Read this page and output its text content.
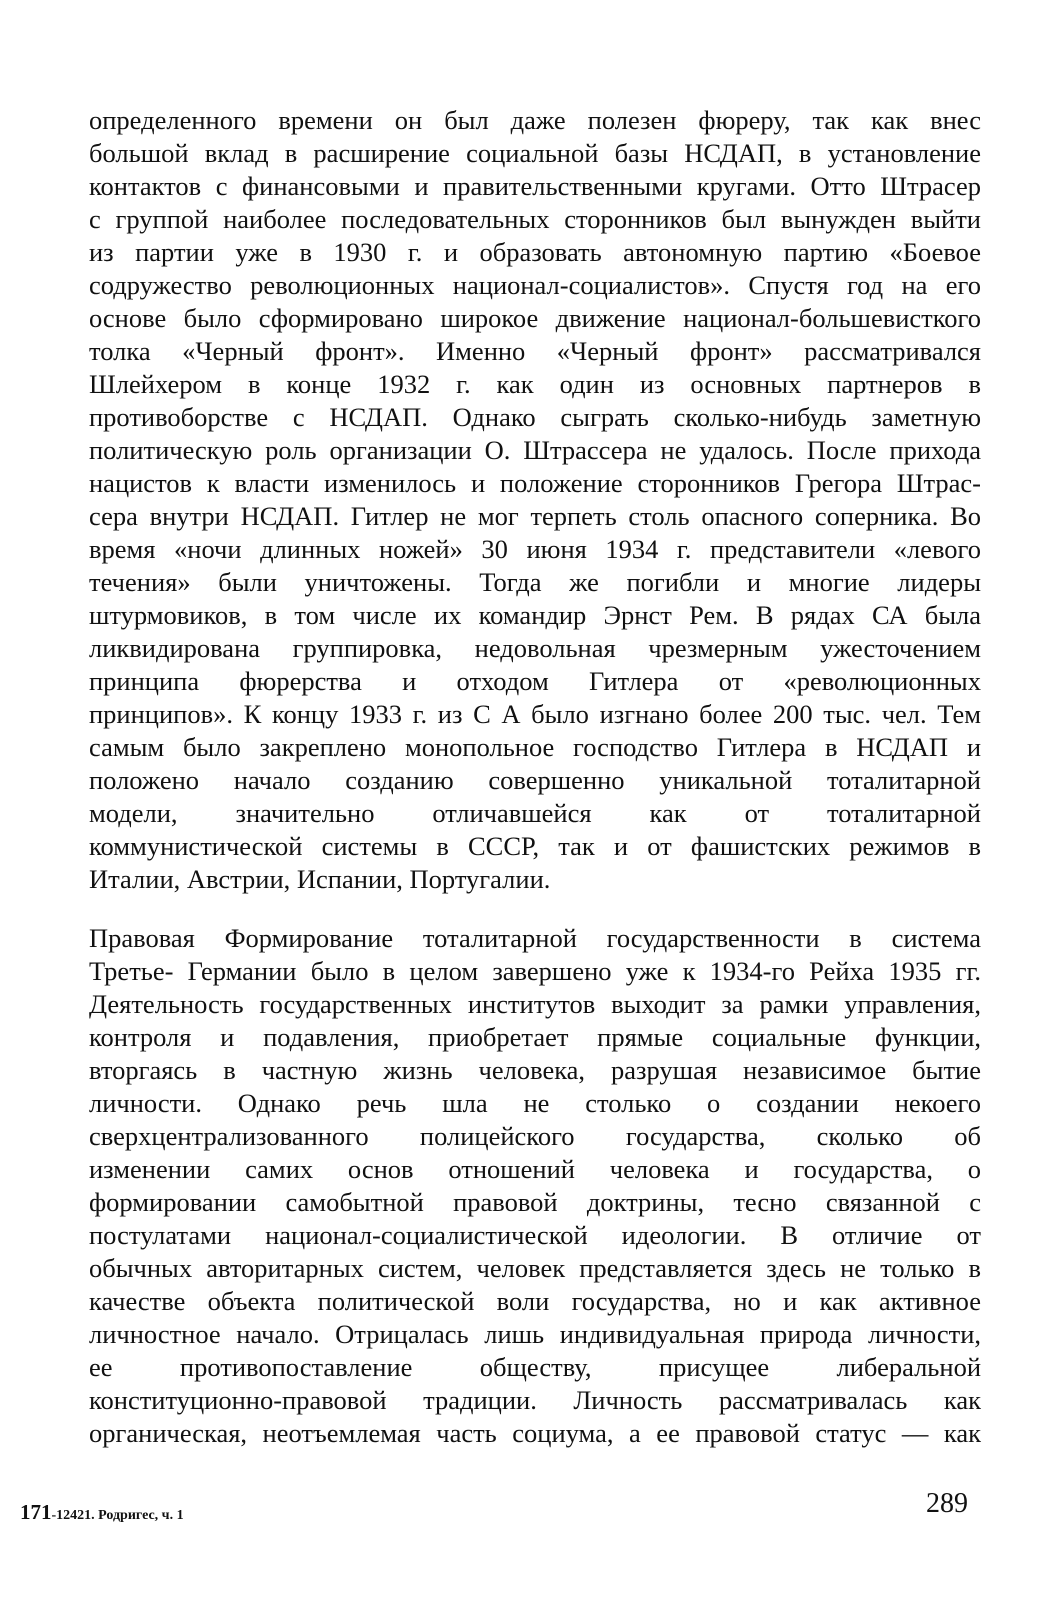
определенного времени он был даже полезен фюреру, так как внес
большой вклад в расширение социальной базы НСДАП, в установление
контактов с финансовыми и правительственными кругами. Отто Штрасер
с группой наиболее последовательных сторонников был вынужден выйти
из партии уже в 1930 г. и образовать автономную партию «Боевое
содружество революционных национал-социалистов». Спустя год на его
основе было сформировано широкое движение национал-большевисткого
толка «Черный фронт». Именно «Черный фронт» рассматривался
Шлейхером в конце 1932 г. как один из основных партнеров в
противоборстве с НСДАП. Однако сыграть сколько-нибудь заметную
политическую роль организации О. Штрассера не удалось. После прихода
нацистов к власти изменилось и положение сторонников Грегора Штрас-
сера внутри НСДАП. Гитлер не мог терпеть столь опасного соперника. Во
время «ночи длинных ножей» 30 июня 1934 г. представители «левого
течения» были уничтожены. Тогда же погибли и многие лидеры
штурмовиков, в том числе их командир Эрнст Рем. В рядах СА была
ликвидирована группировка, недовольная чрезмерным ужесточением
принципа фюрерства и отходом Гитлера от «революционных
принципов». К концу 1933 г. из С А было изгнано более 200 тыс. чел. Тем
самым было закреплено монопольное господство Гитлера в НСДАП и
положено начало созданию совершенно уникальной тоталитарной
модели, значительно отличавшейся как от тоталитарной
коммунистической системы в СССР, так и от фашистских режимов в
Италии, Австрии, Испании, Португалии.
Правовая Формирование тоталитарной государственности в система
Третье- Германии было в целом завершено уже к 1934-го Рейха 1935 гг.
Деятельность государственных институтов выходит за рамки управления,
контроля и подавления, приобретает прямые социальные функции,
вторгаясь в частную жизнь человека, разрушая независимое бытие
личности. Однако речь шла не столько о создании некоего
сверхцентрализованного полицейского государства, сколько об
изменении самих основ отношений человека и государства, о
формировании самобытной правовой доктрины, тесно связанной с
постулатами национал-социалистической идеологии. В отличие от
обычных авторитарных систем, человек представляется здесь не только в
качестве объекта политической воли государства, но и как активное
личностное начало. Отрицалась лишь индивидуальная природа личности,
ее противопоставление обществу, присущее либеральной
конституционно-правовой традиции. Личность рассматривалась как
органическая, неотъемлемая часть социума, а ее правовой статус — как
171-12421. Родригес, ч. 1	289
